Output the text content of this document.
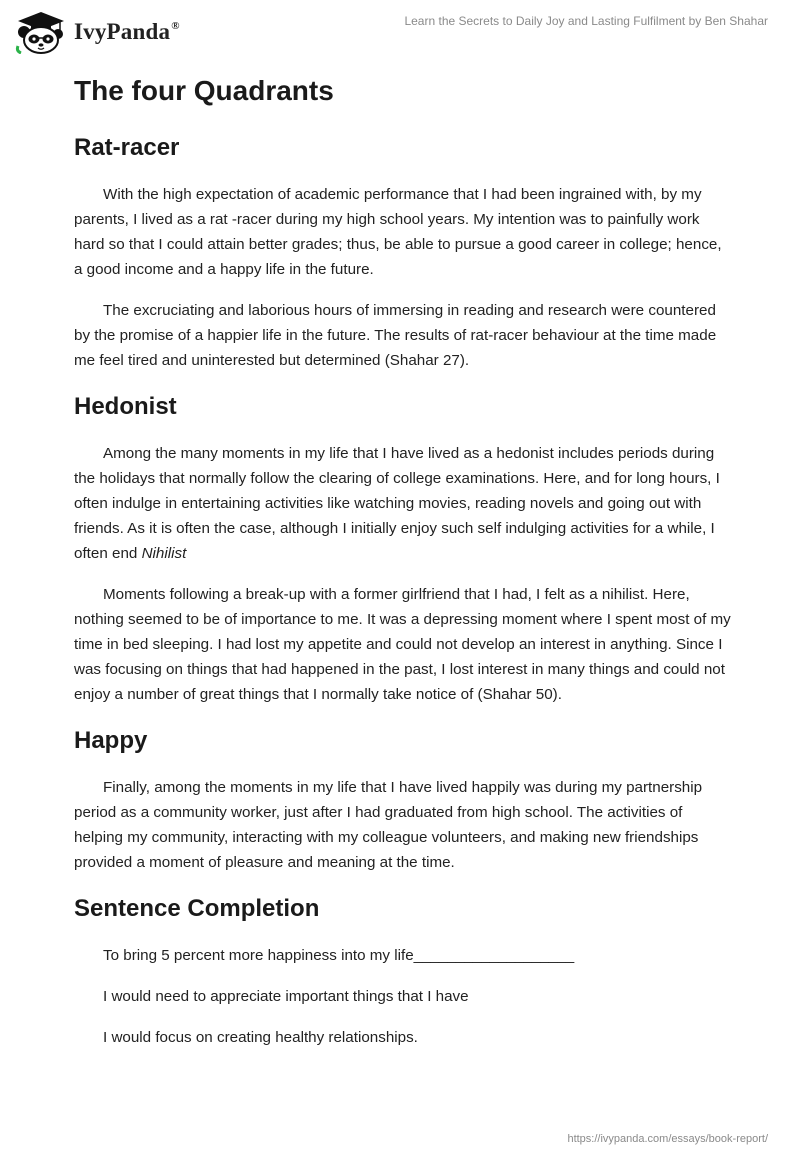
IvyPanda®	Learn the Secrets to Daily Joy and Lasting Fulfilment by Ben Shahar
The four Quadrants
Rat-racer

With the high expectation of academic performance that I had been ingrained with, by my parents, I lived as a rat -racer during my high school years. My intention was to painfully work hard so that I could attain better grades; thus, be able to pursue a good career in college; hence, a good income and a happy life in the future.

The excruciating and laborious hours of immersing in reading and research were countered by the promise of a happier life in the future. The results of rat-racer behaviour at the time made me feel tired and uninterested but determined (Shahar 27).

Hedonist

Among the many moments in my life that I have lived as a hedonist includes periods during the holidays that normally follow the clearing of college examinations. Here, and for long hours, I often indulge in entertaining activities like watching movies, reading novels and going out with friends. As it is often the case, although I initially enjoy such self indulging activities for a while, I often end Nihilist

Moments following a break-up with a former girlfriend that I had, I felt as a nihilist. Here, nothing seemed to be of importance to me. It was a depressing moment where I spent most of my time in bed sleeping. I had lost my appetite and could not develop an interest in anything. Since I was focusing on things that had happened in the past, I lost interest in many things and could not enjoy a number of great things that I normally take notice of (Shahar 50).

Happy

Finally, among the moments in my life that I have lived happily was during my partnership period as a community worker, just after I had graduated from high school. The activities of helping my community, interacting with my colleague volunteers, and making new friendships provided a moment of pleasure and meaning at the time.

Sentence Completion
To bring 5 percent more happiness into my life___________________
I would need to appreciate important things that I have
I would focus on creating healthy relationships.
https://ivypanda.com/essays/book-report/
